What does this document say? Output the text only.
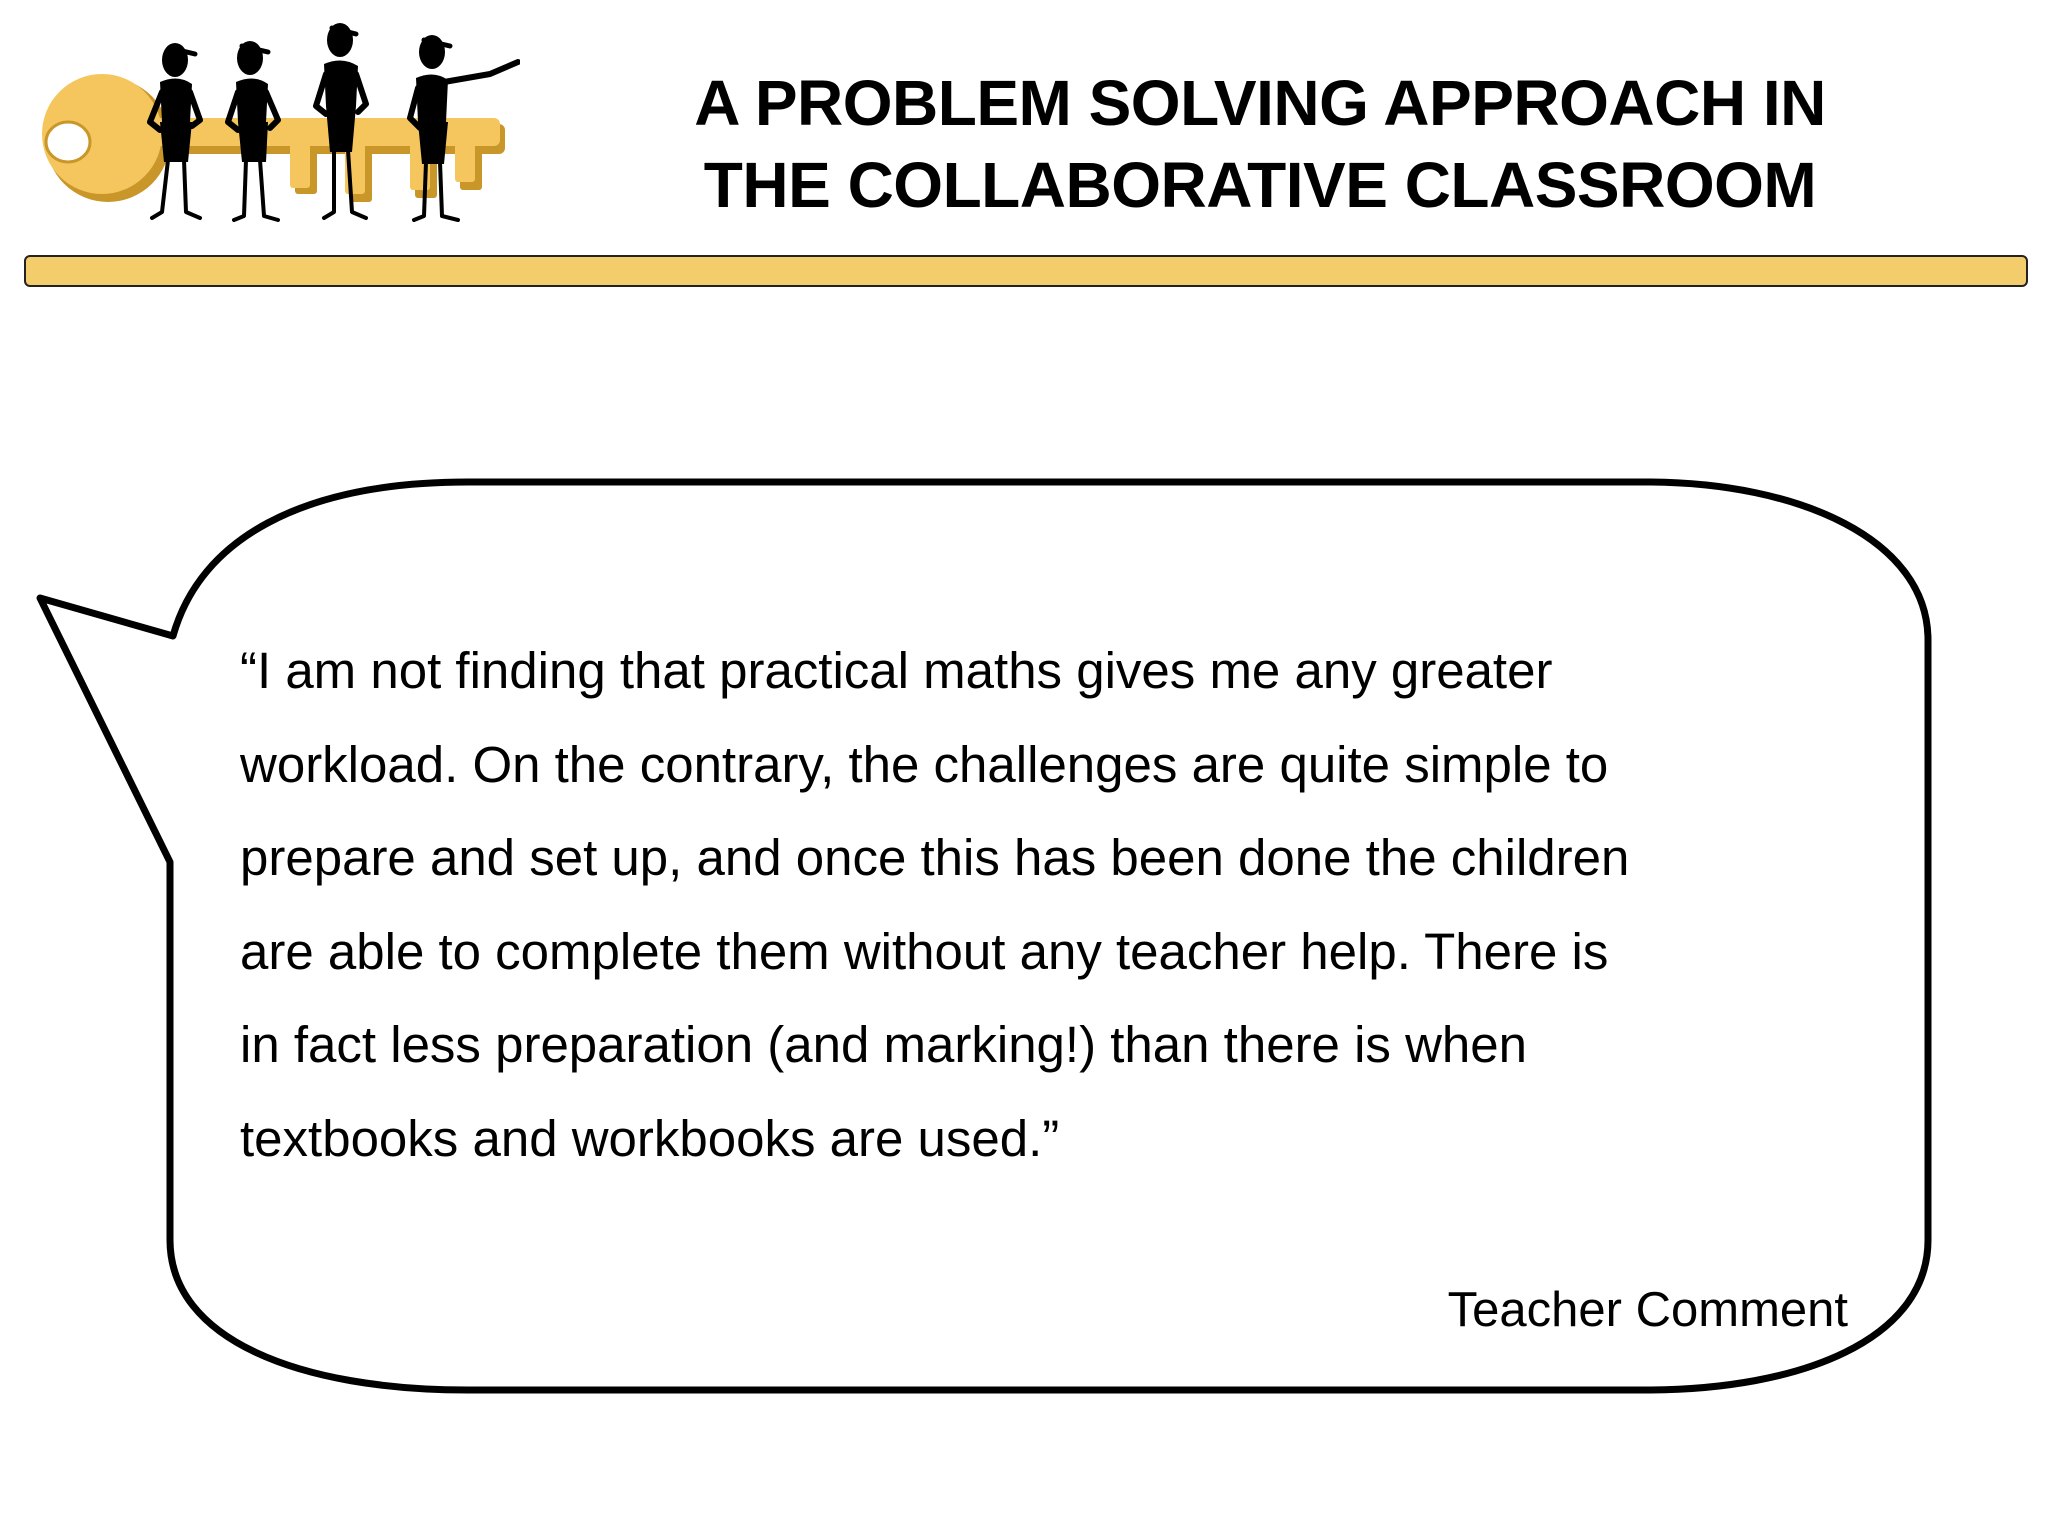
A PROBLEM SOLVING APPROACH IN
THE COLLABORATIVE CLASSROOM

“I am not finding that practical maths gives me any greater
workload. On the contrary, the challenges are quite simple to
prepare and set up, and once this has been done the children
are able to complete them without any teacher help. There is
in fact less preparation (and marking!) than there is when
textbooks and workbooks are used.”

Teacher Comment
